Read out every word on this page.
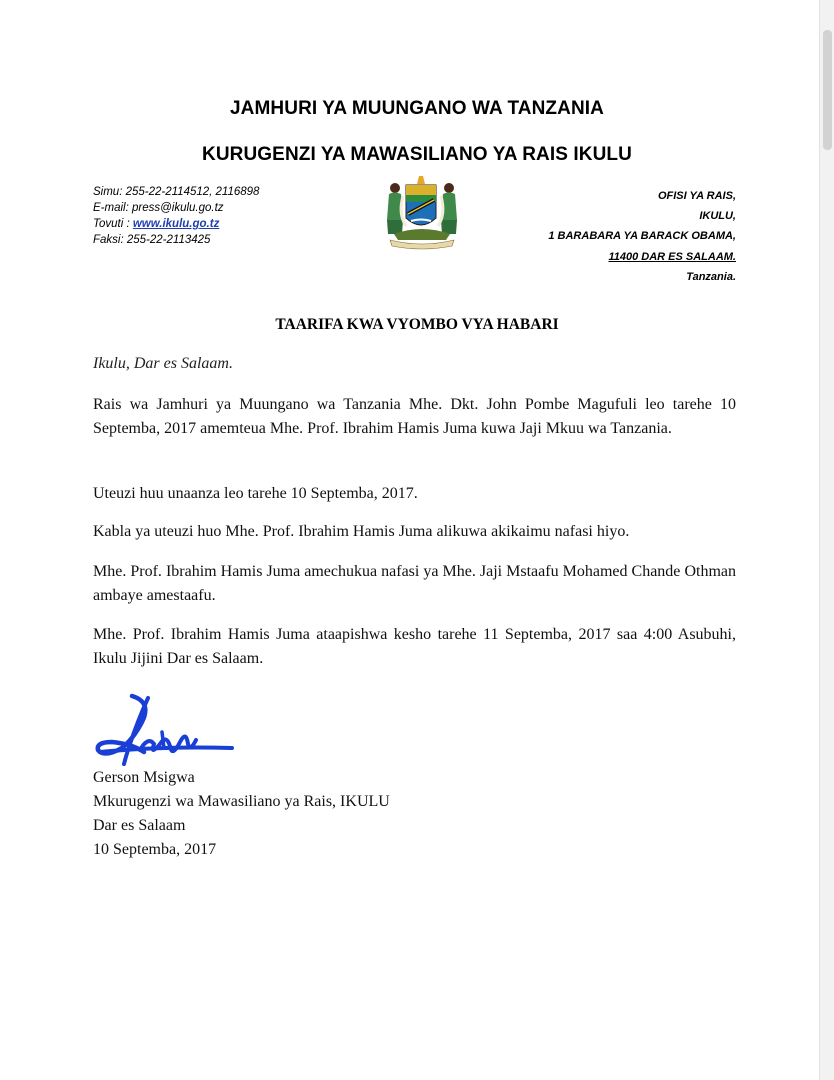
JAMHURI YA MUUNGANO WA TANZANIA
KURUGENZI YA MAWASILIANO YA RAIS IKULU
Simu: 255-22-2114512, 2116898
E-mail: press@ikulu.go.tz
Tovuti : www.ikulu.go.tz
Faksi: 255-22-2113425
OFISI YA RAIS,
IKULU,
1 BARABARA YA BARACK OBAMA,
11400 DAR ES SALAAM.
Tanzania.
TAARIFA KWA VYOMBO VYA HABARI
Ikulu, Dar es Salaam.
Rais wa Jamhuri ya Muungano wa Tanzania Mhe. Dkt. John Pombe Magufuli leo tarehe 10 Septemba, 2017 amemteua Mhe. Prof. Ibrahim Hamis Juma kuwa Jaji Mkuu wa Tanzania.
Uteuzi huu unaanza leo tarehe 10 Septemba, 2017.
Kabla ya uteuzi huo Mhe. Prof. Ibrahim Hamis Juma alikuwa akikaimu nafasi hiyo.
Mhe. Prof. Ibrahim Hamis Juma amechukua nafasi ya Mhe. Jaji Mstaafu Mohamed Chande Othman ambaye amestaafu.
Mhe. Prof. Ibrahim Hamis Juma ataapishwa kesho tarehe 11 Septemba, 2017 saa 4:00 Asubuhi, Ikulu Jijini Dar es Salaam.
Gerson Msigwa
Mkurugenzi wa Mawasiliano ya Rais, IKULU
Dar es Salaam
10 Septemba, 2017
